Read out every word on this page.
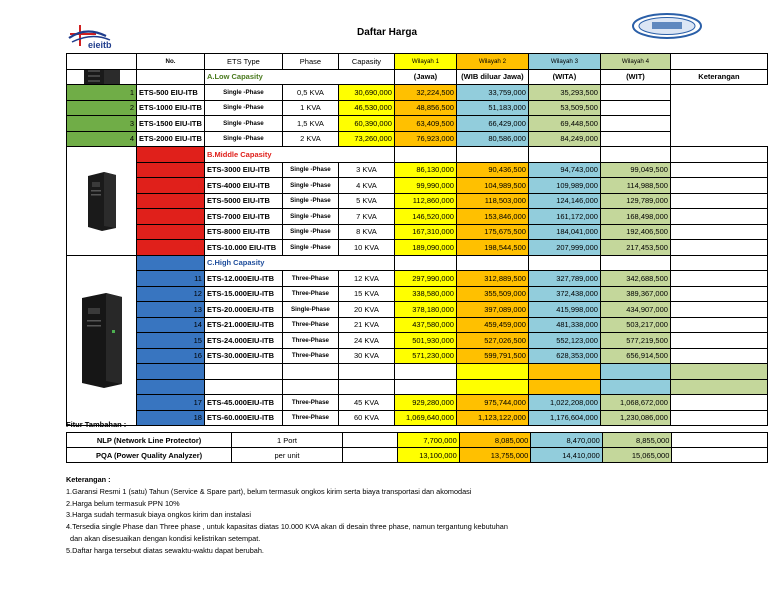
eieitb
Daftar Harga
	No.	ETS Type	Phase	Capasity	Wilayah 1	Wilayah 2	Wilayah 3	Wilayah 4	

		A.Low Capasity			(Jawa)	(WIB diluar Jawa)	(WITA)	(WIT)	Keterangan
1	ETS-500 EIU-ITB	Single -Phase	0,5 KVA	30,690,000	32,224,500	33,759,000	35,293,500		
2	ETS-1000 EIU-ITB	Single -Phase	1 KVA	46,530,000	48,856,500	51,183,000	53,509,500		
3	ETS-1500 EIU-ITB	Single -Phase	1,5 KVA	60,390,000	63,409,500	66,429,000	69,448,500		
4	ETS-2000 EIU-ITB	Single -Phase	2 KVA	73,260,000	76,923,000	80,586,000	84,249,000		

		B.Middle Capasity							
	5	ETS-3000 EIU-ITB	Single -Phase	3 KVA	86,130,000	90,436,500	94,743,000	99,049,500	
	6	ETS-4000 EIU-ITB	Single -Phase	4 KVA	99,990,000	104,989,500	109,989,000	114,988,500	
	7	ETS-5000 EIU-ITB	Single -Phase	5 KVA	112,860,000	118,503,000	124,146,000	129,789,000	
	8	ETS-7000 EIU-ITB	Single -Phase	7 KVA	146,520,000	153,846,000	161,172,000	168,498,000	
	9	ETS-8000 EIU-ITB	Single -Phase	8 KVA	167,310,000	175,675,500	184,041,000	192,406,500	
	10	ETS-10.000 EIU-ITB	Single -Phase	10 KVA	189,090,000	198,544,500	207,999,000	217,453,500	

		C.High Capasity							
	11	ETS-12.000EIU-ITB	Three-Phase	12 KVA	297,990,000	312,889,500	327,789,000	342,688,500	
	12	ETS-15.000EIU-ITB	Three-Phase	15 KVA	338,580,000	355,509,000	372,438,000	389,367,000	
	13	ETS-20.000EIU-ITB	Single-Phase	20 KVA	378,180,000	397,089,000	415,998,000	434,907,000	
	14	ETS-21.000EIU-ITB	Three-Phase	21 KVA	437,580,000	459,459,000	481,338,000	503,217,000	
	15	ETS-24.000EIU-ITB	Three-Phase	24 KVA	501,930,000	527,026,500	552,123,000	577,219,500	
	16	ETS-30.000EIU-ITB	Three-Phase	30 KVA	571,230,000	599,791,500	628,353,000	656,914,500	

	17	ETS-45.000EIU-ITB	Three-Phase	45 KVA	929,280,000	975,744,000	1,022,208,000	1,068,672,000	
	18	ETS-60.000EIU-ITB	Three-Phase	60 KVA	1,069,640,000	1,123,122,000	1,176,604,000	1,230,086,000	
Fitur Tambahan :
NLP (Network Line Protector)	1 Port		7,700,000	8,085,000	8,470,000	8,855,000	
PQA (Power Quality Analyzer)	per unit		13,100,000	13,755,000	14,410,000	15,065,000	
Keterangan :
1.Garansi Resmi 1 (satu) Tahun (Service & Spare part), belum termasuk ongkos kirim serta biaya transportasi dan akomodasi
2.Harga belum termasuk PPN 10%
3.Harga sudah termasuk biaya ongkos kirim dan instalasi
4.Tersedia single Phase dan Three phase , untuk kapasitas diatas 10.000 KVA akan di desain three phase, namun tergantung kebutuhan
dan akan disesuaikan dengan kondisi kelistrikan setempat.
5.Daftar harga tersebut diatas sewaktu-waktu dapat berubah.
